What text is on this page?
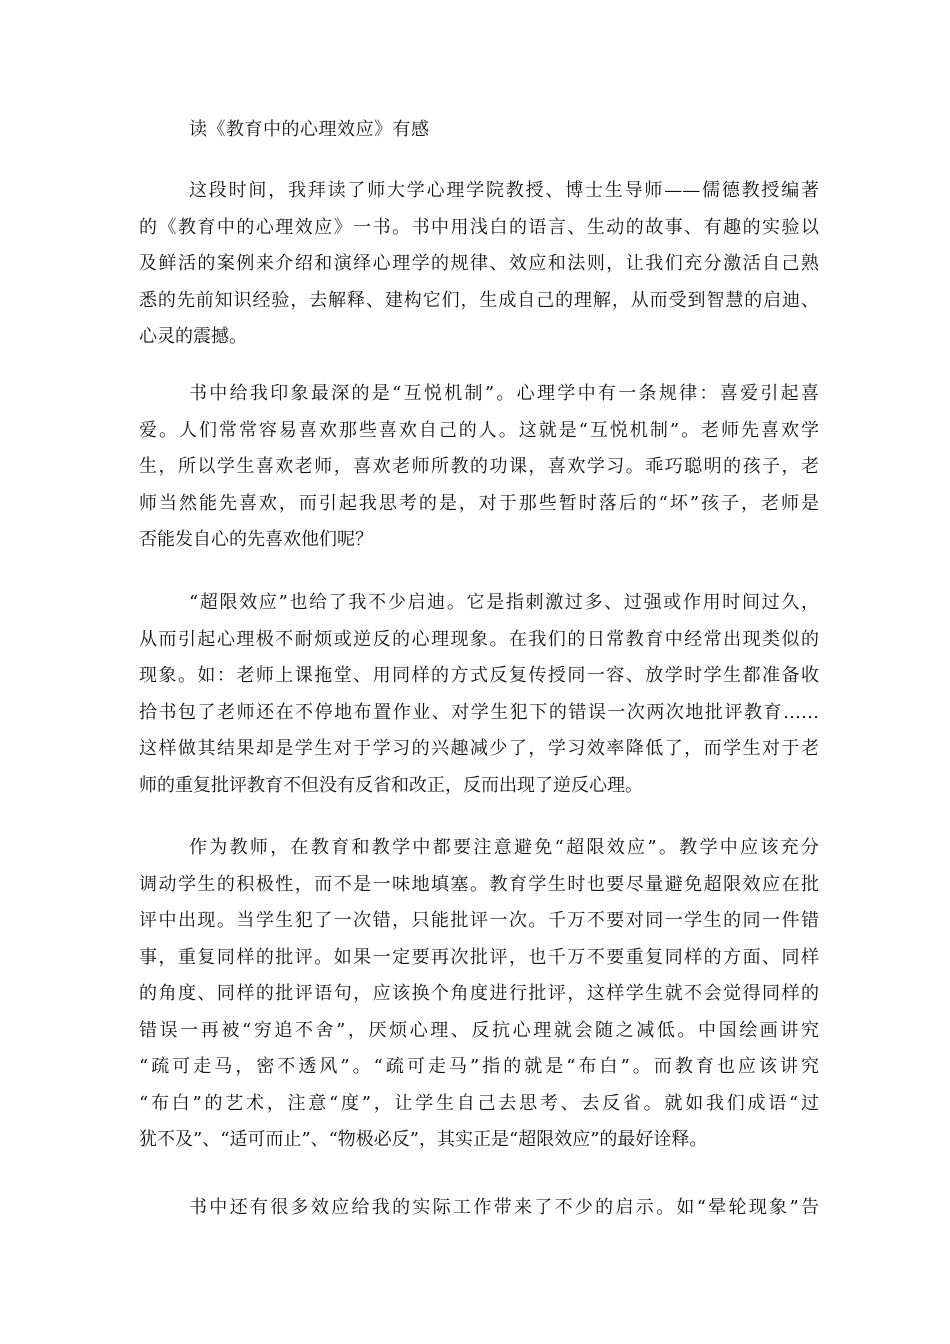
读《教育中的心理效应》有感
这段时间，我拜读了师大学心理学院教授、博士生导师——儒德教授编著
的《教育中的心理效应》一书。书中用浅白的语言、生动的故事、有趣的实验以
及鲜活的案例来介绍和演绎心理学的规律、效应和法则，让我们充分激活自己熟
悉的先前知识经验，去解释、建构它们，生成自己的理解，从而受到智慧的启迪、
心灵的震撼。
书中给我印象最深的是“互悦机制”。心理学中有一条规律：喜爱引起喜
爱。人们常常容易喜欢那些喜欢自己的人。这就是“互悦机制”。老师先喜欢学
生，所以学生喜欢老师，喜欢老师所教的功课，喜欢学习。乖巧聪明的孩子，老
师当然能先喜欢，而引起我思考的是，对于那些暂时落后的“坏”孩子，老师是
否能发自心的先喜欢他们呢？
“超限效应”也给了我不少启迪。它是指刺激过多、过强或作用时间过久，
从而引起心理极不耐烦或逆反的心理现象。在我们的日常教育中经常出现类似的
现象。如：老师上课拖堂、用同样的方式反复传授同一容、放学时学生都准备收
拾书包了老师还在不停地布置作业、对学生犯下的错误一次两次地批评教育……
这样做其结果却是学生对于学习的兴趣减少了，学习效率降低了，而学生对于老
师的重复批评教育不但没有反省和改正，反而出现了逆反心理。
作为教师，在教育和教学中都要注意避免“超限效应”。教学中应该充分
调动学生的积极性，而不是一味地填塞。教育学生时也要尽量避免超限效应在批
评中出现。当学生犯了一次错，只能批评一次。千万不要对同一学生的同一件错
事，重复同样的批评。如果一定要再次批评，也千万不要重复同样的方面、同样
的角度、同样的批评语句，应该换个角度进行批评，这样学生就不会觉得同样的
错误一再被“穷追不舍”，厌烦心理、反抗心理就会随之减低。中国绘画讲究
“疏可走马，密不透风”。“疏可走马”指的就是“布白”。而教育也应该讲究
“布白”的艺术，注意“度”，让学生自己去思考、去反省。就如我们成语“过
犹不及”、“适可而止”、“物极必反”，其实正是“超限效应”的最好诠释。
书中还有很多效应给我的实际工作带来了不少的启示。如“晕轮现象”告
